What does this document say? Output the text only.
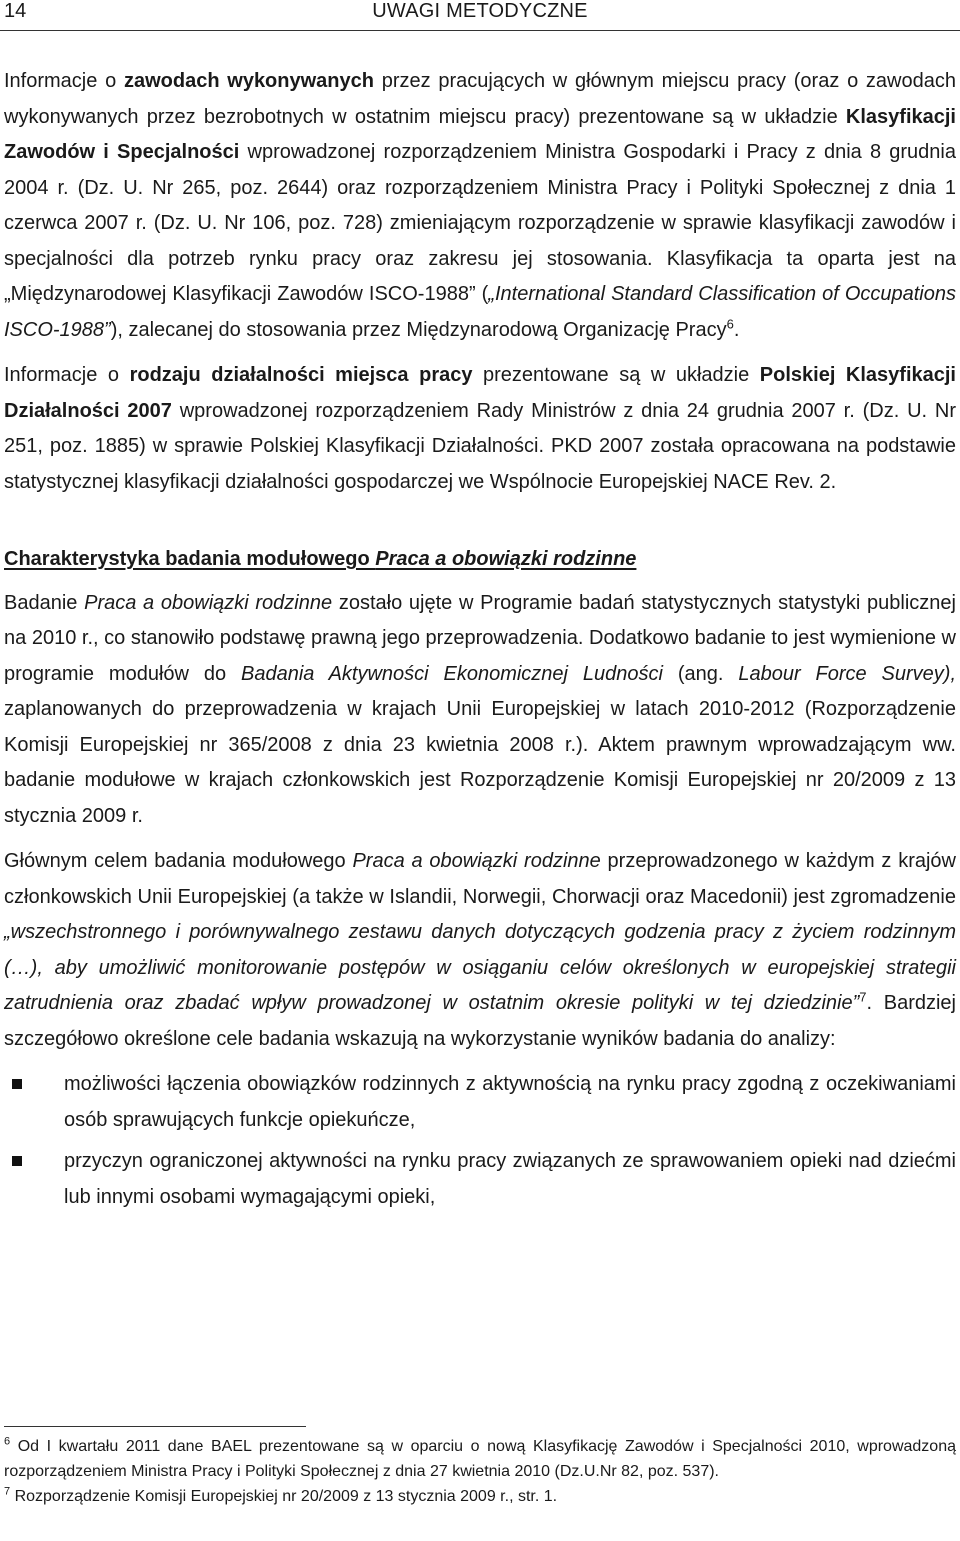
14	UWAGI METODYCZNE

Informacje o zawodach wykonywanych przez pracujących w głównym miejscu pracy (oraz o zawodach wykonywanych przez bezrobotnych w ostatnim miejscu pracy) prezentowane są w układzie Klasyfikacji Zawodów i Specjalności wprowadzonej rozporządzeniem Ministra Gospodarki i Pracy z dnia 8 grudnia 2004 r. (Dz. U. Nr 265, poz. 2644) oraz rozporządzeniem Ministra Pracy i Polityki Społecznej z dnia 1 czerwca 2007 r. (Dz. U. Nr 106, poz. 728) zmieniającym rozporządzenie w sprawie klasyfikacji zawodów i specjalności dla potrzeb rynku pracy oraz zakresu jej stosowania. Klasyfikacja ta oparta jest na „Międzynarodowej Klasyfikacji Zawodów ISCO-1988” („International Standard Classification of Occupations ISCO-1988”), zalecanej do stosowania przez Międzynarodową Organizację Pracy$^6$.

Informacje o rodzaju działalności miejsca pracy prezentowane są w układzie Polskiej Klasyfikacji Działalności 2007 wprowadzonej rozporządzeniem Rady Ministrów z dnia 24 grudnia 2007 r. (Dz. U. Nr 251, poz. 1885) w sprawie Polskiej Klasyfikacji Działalności. PKD 2007 została opracowana na podstawie statystycznej klasyfikacji działalności gospodarczej we Wspólnocie Europejskiej NACE Rev. 2.

Charakterystyka badania modułowego Praca a obowiązki rodzinne

Badanie Praca a obowiązki rodzinne zostało ujęte w Programie badań statystycznych statystyki publicznej na 2010 r., co stanowiło podstawę prawną jego przeprowadzenia. Dodatkowo badanie to jest wymienione w programie modułów do Badania Aktywności Ekonomicznej Ludności (ang. Labour Force Survey), zaplanowanych do przeprowadzenia w krajach Unii Europejskiej w latach 2010-2012 (Rozporządzenie Komisji Europejskiej nr 365/2008 z dnia 23 kwietnia 2008 r.). Aktem prawnym wprowadzającym ww. badanie modułowe w krajach członkowskich jest Rozporządzenie Komisji Europejskiej nr 20/2009 z 13 stycznia 2009 r.

Głównym celem badania modułowego Praca a obowiązki rodzinne przeprowadzonego w każdym z krajów członkowskich Unii Europejskiej (a także w Islandii, Norwegii, Chorwacji oraz Macedonii) jest zgromadzenie „wszechstronnego i porównywalnego zestawu danych dotyczących godzenia pracy z życiem rodzinnym (…), aby umożliwić monitorowanie postępów w osiąganiu celów określonych w europejskiej strategii zatrudnienia oraz zbadać wpływ prowadzonej w ostatnim okresie polityki w tej dziedzinie”$^7$. Bardziej szczegółowo określone cele badania wskazują na wykorzystanie wyników badania do analizy:

możliwości łączenia obowiązków rodzinnych z aktywnością na rynku pracy zgodną z oczekiwaniami osób sprawujących funkcje opiekuńcze,
przyczyn ograniczonej aktywności na rynku pracy związanych ze sprawowaniem opieki nad dziećmi lub innymi osobami wymagającymi opieki,

$^6$ Od I kwartału 2011 dane BAEL prezentowane są w oparciu o nową Klasyfikację Zawodów i Specjalności 2010, wprowadzoną rozporządzeniem Ministra Pracy i Polityki Społecznej z dnia 27 kwietnia 2010 (Dz.U.Nr 82, poz. 537).

$^7$ Rozporządzenie Komisji Europejskiej nr 20/2009 z 13 stycznia 2009 r., str. 1.
